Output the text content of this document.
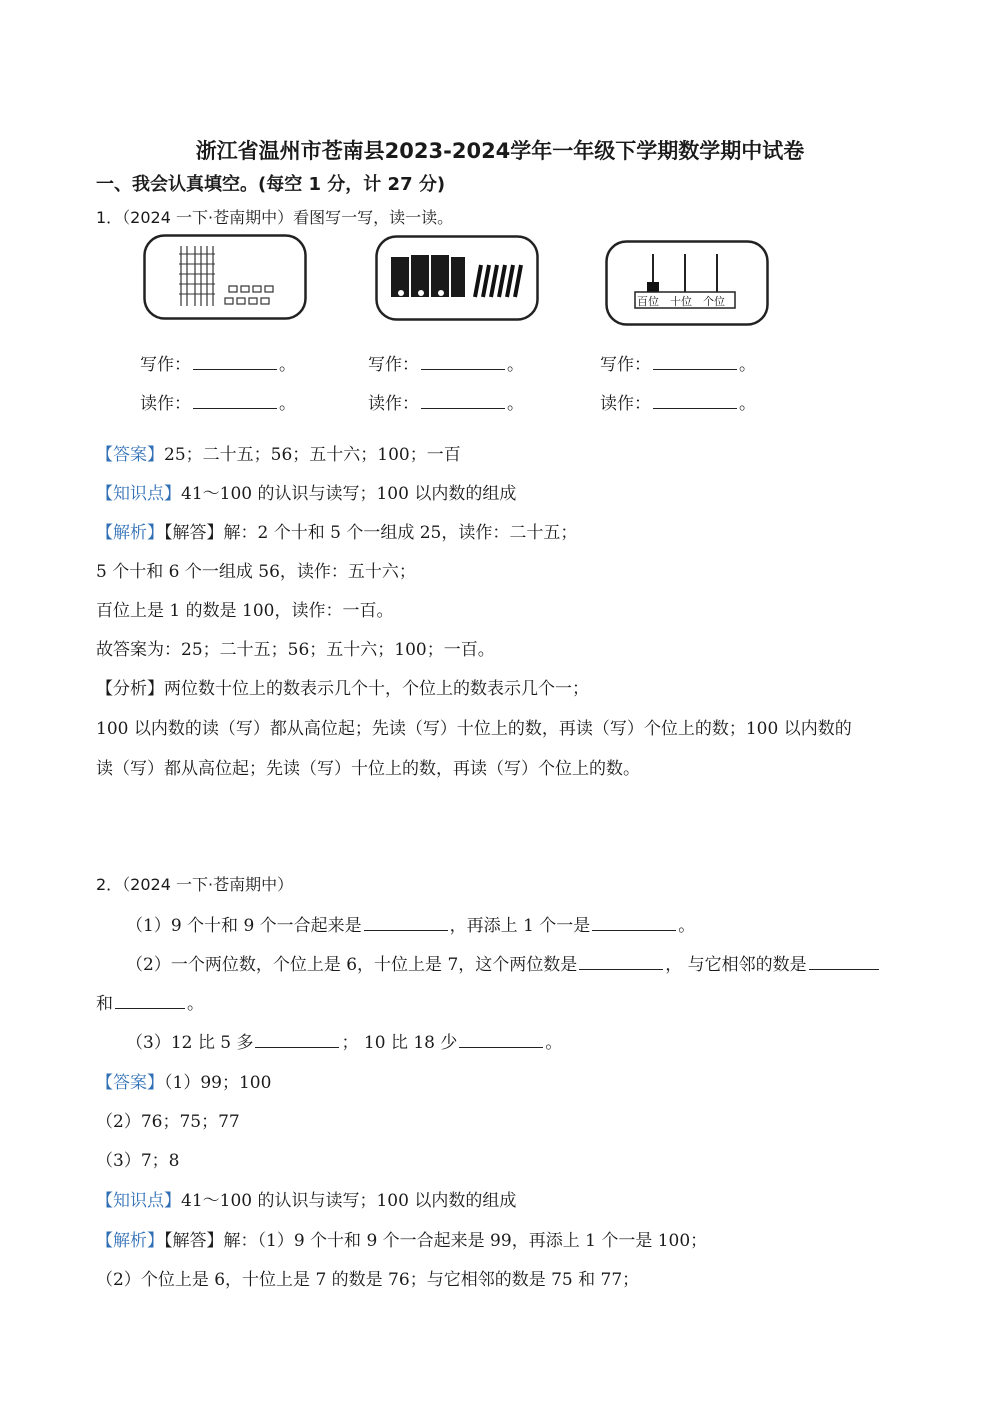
浙江省温州市苍南县2023-2024学年一年级下学期数学期中试卷
一、我会认真填空。(每空 1 分，计 27 分)
1．（2024 一下·苍南期中）看图写一写，读一读。
百位 十位 个位
写作：	。	写作：	。	写作：	。
读作：	。	读作：	。	读作：	。
【答案】25；二十五；56；五十六；100；一百
【知识点】41～100 的认识与读写；100 以内数的组成
【解析】【解答】解：2 个十和 5 个一组成 25，读作：二十五；
5 个十和 6 个一组成 56，读作：五十六；
百位上是 1 的数是 100，读作：一百。
故答案为：25；二十五；56；五十六；100；一百。
【分析】两位数十位上的数表示几个十，个位上的数表示几个一；
100 以内数的读（写）都从高位起；先读（写）十位上的数，再读（写）个位上的数；100 以内数的
读（写）都从高位起；先读（写）十位上的数，再读（写）个位上的数。
2．（2024 一下·苍南期中）
（1）9 个十和 9 个一合起来是	，再添上 1 个一是	。
（2）一个两位数，个位上是 6，十位上是 7，这个两位数是	， 与它相邻的数是
和	。
（3）12 比 5 多	； 10 比 18 少	。
【答案】（1）99；100
（2）76；75；77
（3）7；8
【知识点】41～100 的认识与读写；100 以内数的组成
【解析】【解答】解：（1）9 个十和 9 个一合起来是 99，再添上 1 个一是 100；
（2）个位上是 6，十位上是 7 的数是 76；与它相邻的数是 75 和 77；
